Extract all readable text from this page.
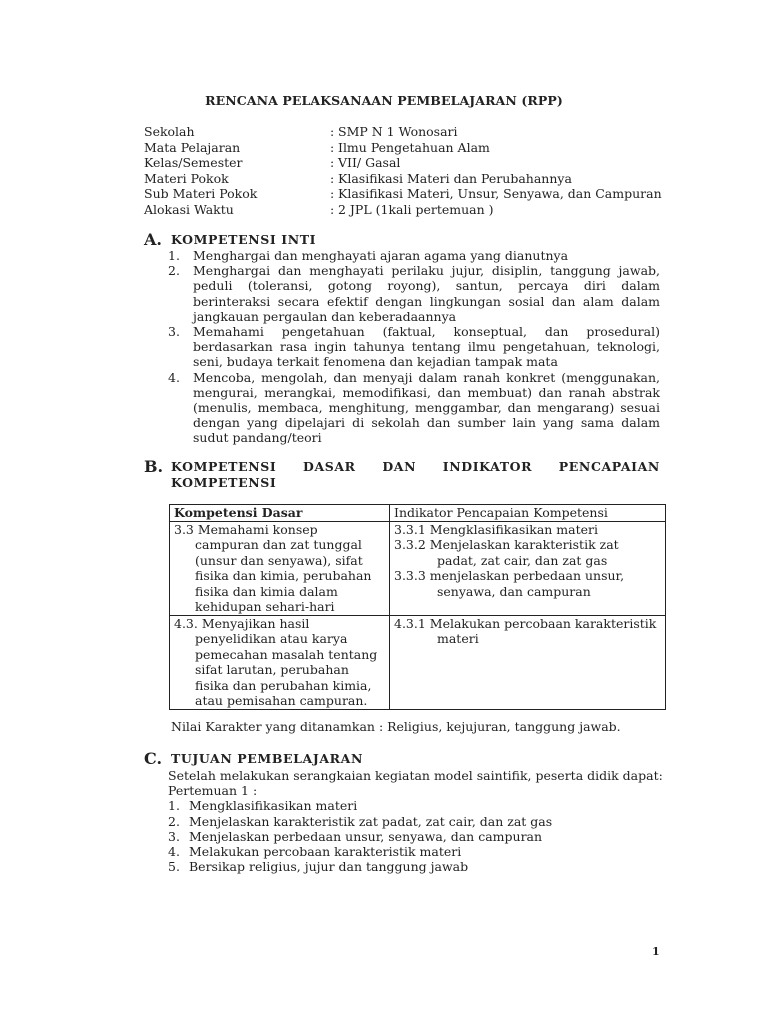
RENCANA PELAKSANAAN PEMBELAJARAN (RPP)
Sekolah	: SMP N 1 Wonosari
Mata Pelajaran	: Ilmu Pengetahuan Alam
Kelas/Semester	: VII/ Gasal
Materi Pokok	: Klasifikasi Materi dan Perubahannya
Sub Materi Pokok	: Klasifikasi Materi, Unsur, Senyawa, dan Campuran
Alokasi Waktu	: 2 JPL (1kali pertemuan )
A. KOMPETENSI INTI
1.	Menghargai dan menghayati ajaran agama yang dianutnya
2.	Menghargai dan menghayati perilaku jujur, disiplin, tanggung jawab, peduli (toleransi, gotong royong), santun, percaya diri dalam berinteraksi secara efektif dengan lingkungan sosial dan alam dalam jangkauan pergaulan dan keberadaannya
3.	Memahami pengetahuan (faktual, konseptual, dan prosedural) berdasarkan rasa ingin tahunya tentang ilmu pengetahuan, teknologi, seni, budaya terkait fenomena dan kejadian tampak mata
4.	Mencoba, mengolah, dan menyaji dalam ranah konkret (menggunakan, mengurai, merangkai, memodifikasi, dan membuat) dan ranah abstrak (menulis, membaca, menghitung, menggambar, dan mengarang) sesuai dengan yang dipelajari di sekolah dan sumber lain yang sama dalam sudut pandang/teori
B. KOMPETENSI DASAR DAN INDIKATOR PENCAPAIAN
KOMPETENSI
Kompetensi Dasar	Indikator Pencapaian Kompetensi

3.3 Memahami konsep campuran dan zat tunggal (unsur dan senyawa), sifat fisika dan kimia, perubahan fisika dan kimia dalam kehidupan sehari-hari	3.3.1 Mengklasifikasikan materi
3.3.2 Menjelaskan karakteristik zat padat, zat cair, dan zat gas
3.3.3 menjelaskan perbedaan unsur, senyawa, dan campuran

4.3. Menyajikan hasil penyelidikan atau karya pemecahan masalah tentang sifat larutan, perubahan fisika dan perubahan kimia, atau pemisahan campuran.	4.3.1 Melakukan percobaan karakteristik materi
Nilai Karakter yang ditanamkan : Religius, kejujuran, tanggung jawab.
C. TUJUAN PEMBELAJARAN
Setelah melakukan serangkaian kegiatan model saintifik, peserta didik dapat:
Pertemuan 1 :
1. Mengklasifikasikan materi
2. Menjelaskan karakteristik zat padat, zat cair, dan zat gas
3. Menjelaskan perbedaan unsur, senyawa, dan campuran
4. Melakukan percobaan karakteristik materi
5. Bersikap religius, jujur dan tanggung jawab
1
